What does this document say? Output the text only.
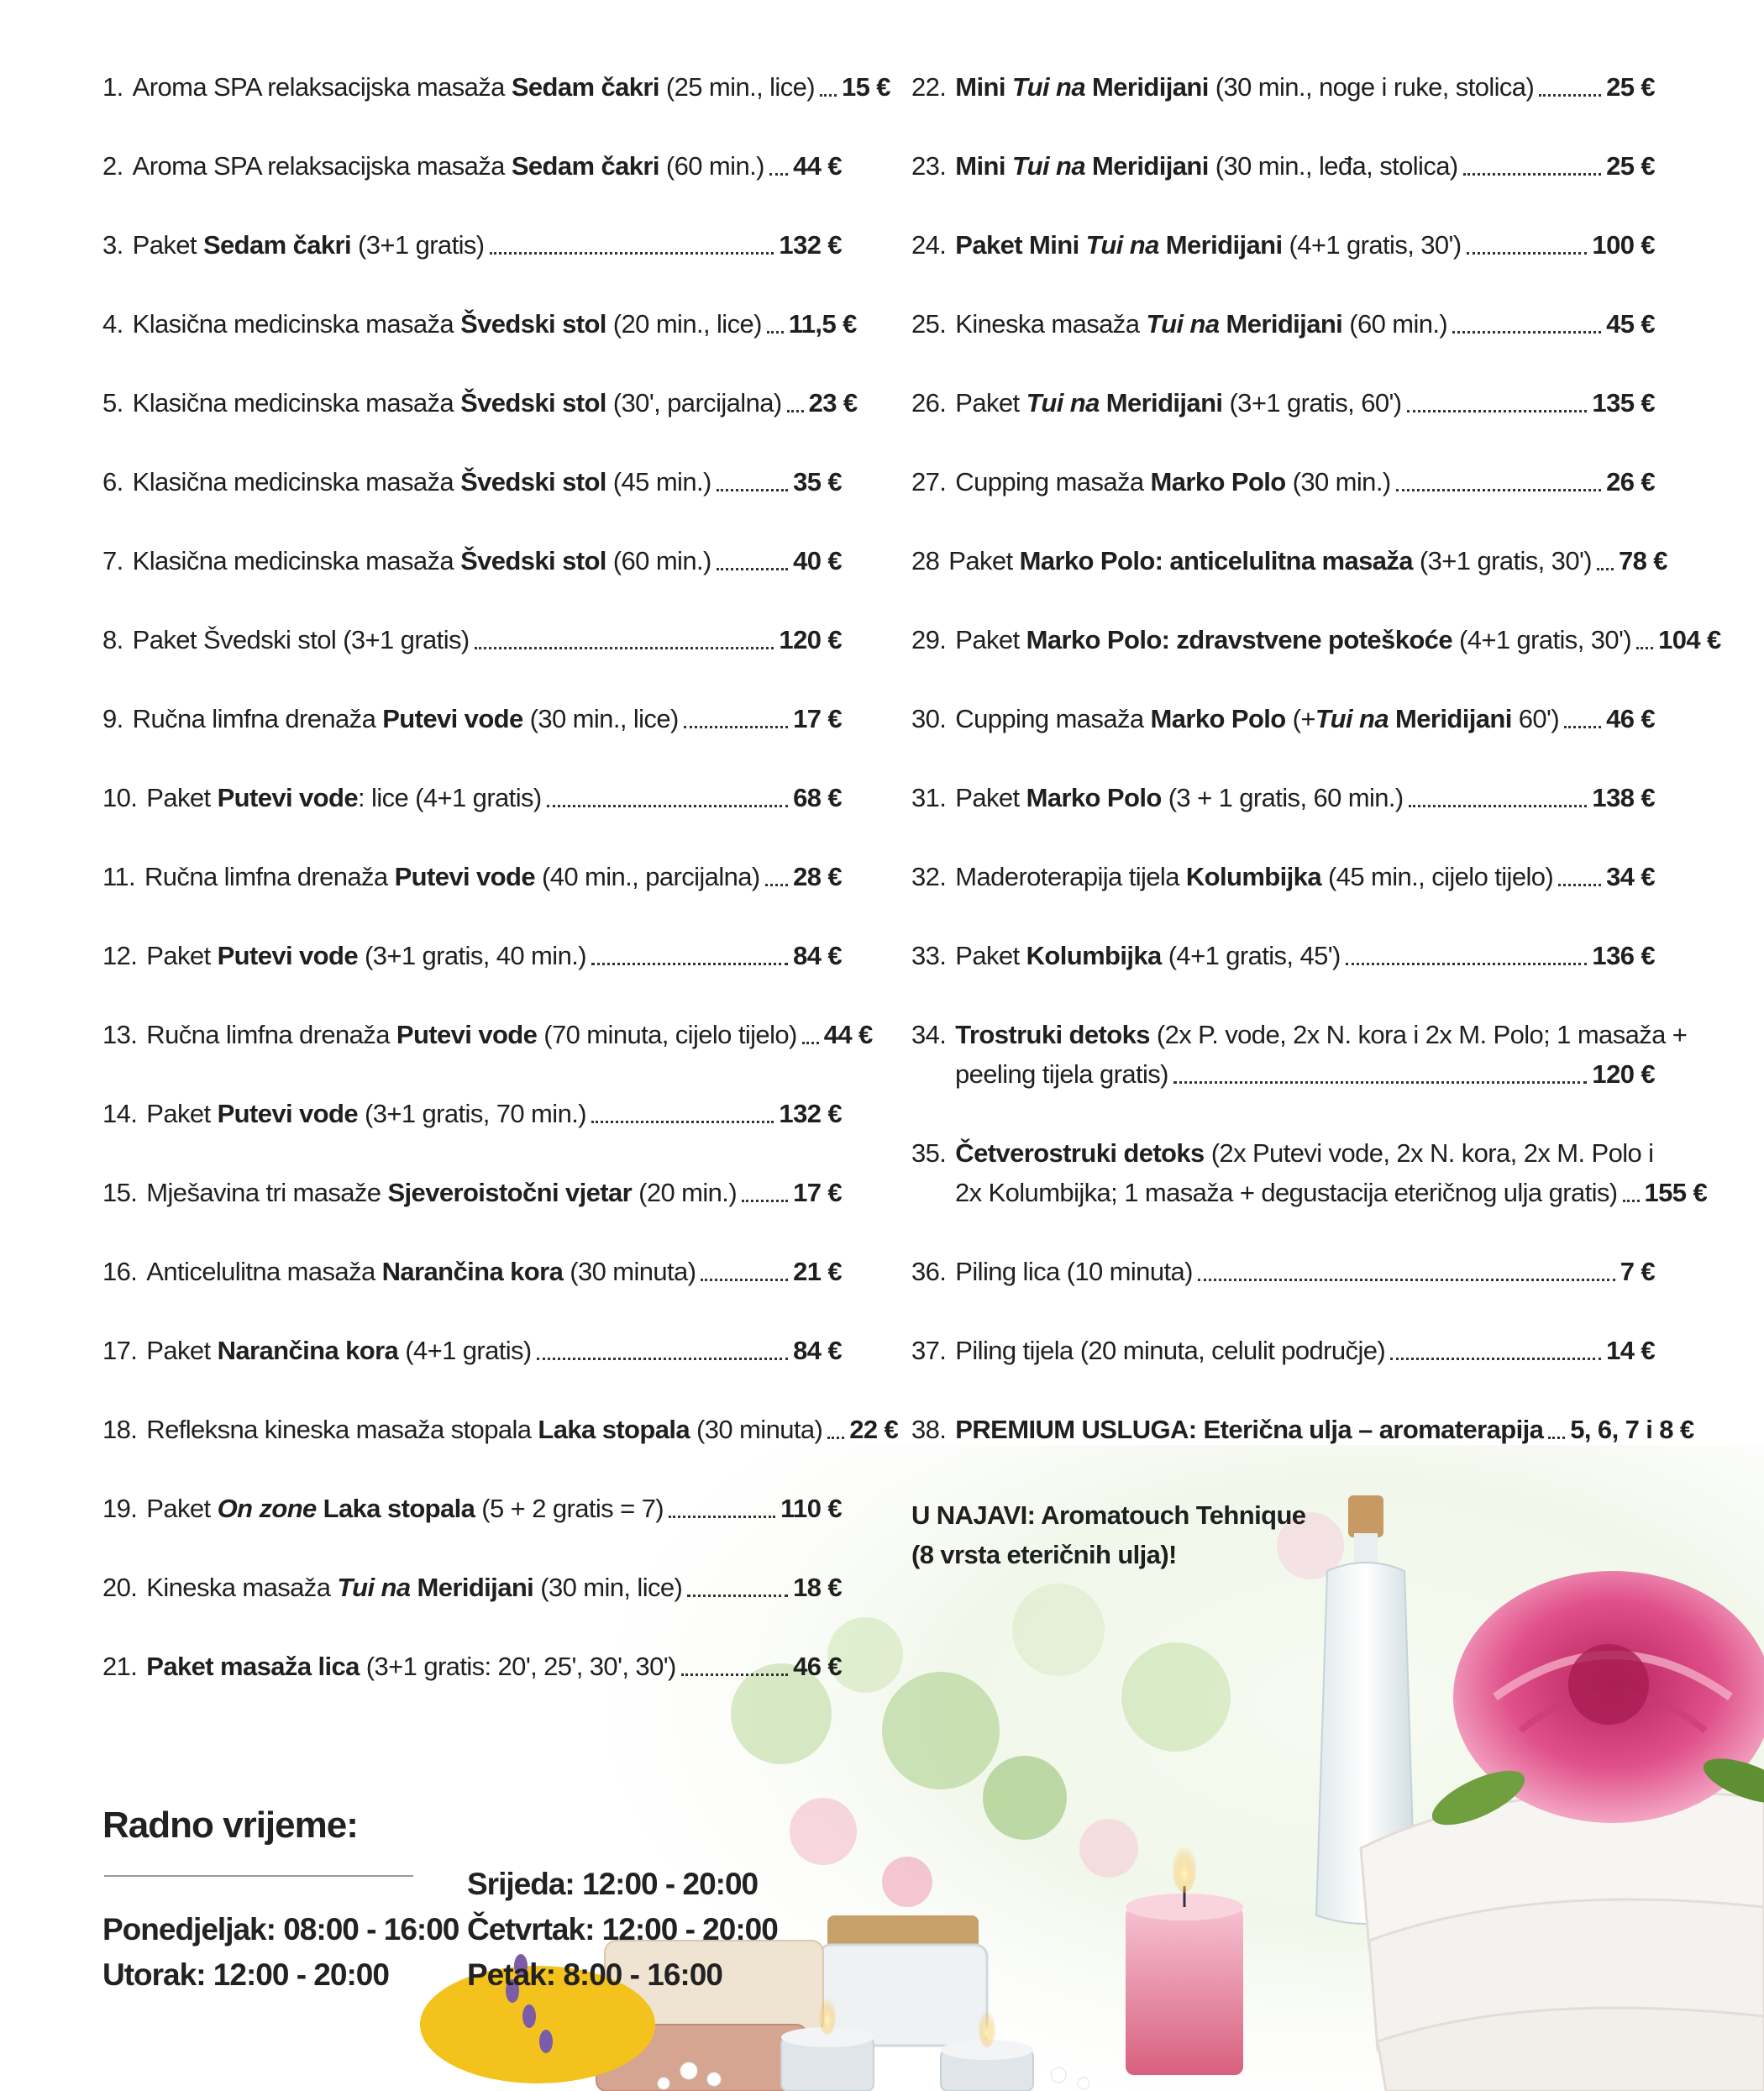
1. Aroma SPA relaksacijska masaža Sedam čakri (25 min., lice) 15 €
2. Aroma SPA relaksacijska masaža Sedam čakri (60 min.) 44 €
3. Paket Sedam čakri (3+1 gratis)	132 €
4. Klasična medicinska masaža Švedski stol (20 min., lice) 11,5 €
5. Klasična medicinska masaža Švedski stol (30', parcijalna) 23 €
6. Klasična medicinska masaža Švedski stol (45 min.)	35 €
7. Klasična medicinska masaža Švedski stol (60 min.)	40 €
8. Paket Švedski stol (3+1 gratis)	120 €
9. Ručna limfna drenaža Putevi vode (30 min., lice)	17 €
10. Paket Putevi vode: lice (4+1 gratis)	68 €
11. Ručna limfna drenaža Putevi vode (40 min., parcijalna) 28 €
12. Paket Putevi vode (3+1 gratis, 40 min.)	84 €
13. Ručna limfna drenaža Putevi vode (70 minuta, cijelo tijelo) 44 €
14. Paket Putevi vode (3+1 gratis, 70 min.)	132 €
15. Mješavina tri masaže Sjeveroistočni vjetar (20 min.) 17 €
16. Anticelulitna masaža Narančina kora (30 minuta)	21 €
17. Paket Narančina kora (4+1 gratis)	84 €
18. Refleksna kineska masaža stopala Laka stopala (30 minuta) 22 €
19. Paket On zone Laka stopala (5 + 2 gratis = 7)	110 €
20. Kineska masaža Tui na Meridijani (30 min, lice)	18 €
21. Paket masaža lica (3+1 gratis: 20', 25', 30', 30')	46 €
22. Mini Tui na Meridijani (30 min., noge i ruke, stolica)	25 €
23. Mini Tui na Meridijani (30 min., leđa, stolica)	25 €
24. Paket Mini Tui na Meridijani (4+1 gratis, 30')	100 €
25. Kineska masaža Tui na Meridijani (60 min.)	45 €
26. Paket Tui na Meridijani (3+1 gratis, 60')	135 €
27. Cupping masaža Marko Polo (30 min.)	26 €
28 Paket Marko Polo: anticelulitna masaža (3+1 gratis, 30') 78 €
29. Paket Marko Polo: zdravstvene poteškoće (4+1 gratis, 30') 104 €
30. Cupping masaža Marko Polo (+Tui na Meridijani 60') 46 €
31. Paket Marko Polo (3 + 1 gratis, 60 min.)	138 €
32. Maderoterapija tijela Kolumbijka (45 min., cijelo tijelo) 34 €
33. Paket Kolumbijka (4+1 gratis, 45')	136 €
34. Trostruki detoks (2x P. vode, 2x N. kora i 2x M. Polo; 1 masaža +
peeling tijela gratis)	120 €
35. Četverostruki detoks (2x Putevi vode, 2x N. kora, 2x M. Polo i
2x Kolumbijka; 1 masaža + degustacija eteričnog ulja gratis) 155 €
36. Piling lica (10 minuta)	7 €
37. Piling tijela (20 minuta, celulit područje)	14 €
38. PREMIUM USLUGA: Eterična ulja – aromaterapija 5, 6, 7 i 8 €
U NAJAVI: Aromatouch Tehnique
(8 vrsta eteričnih ulja)!
Radno vrijeme:
Ponedjeljak: 08:00 - 16:00
Utorak: 12:00 - 20:00
Srijeda: 12:00 - 20:00
Četvrtak: 12:00 - 20:00
Petak: 8:00 - 16:00
